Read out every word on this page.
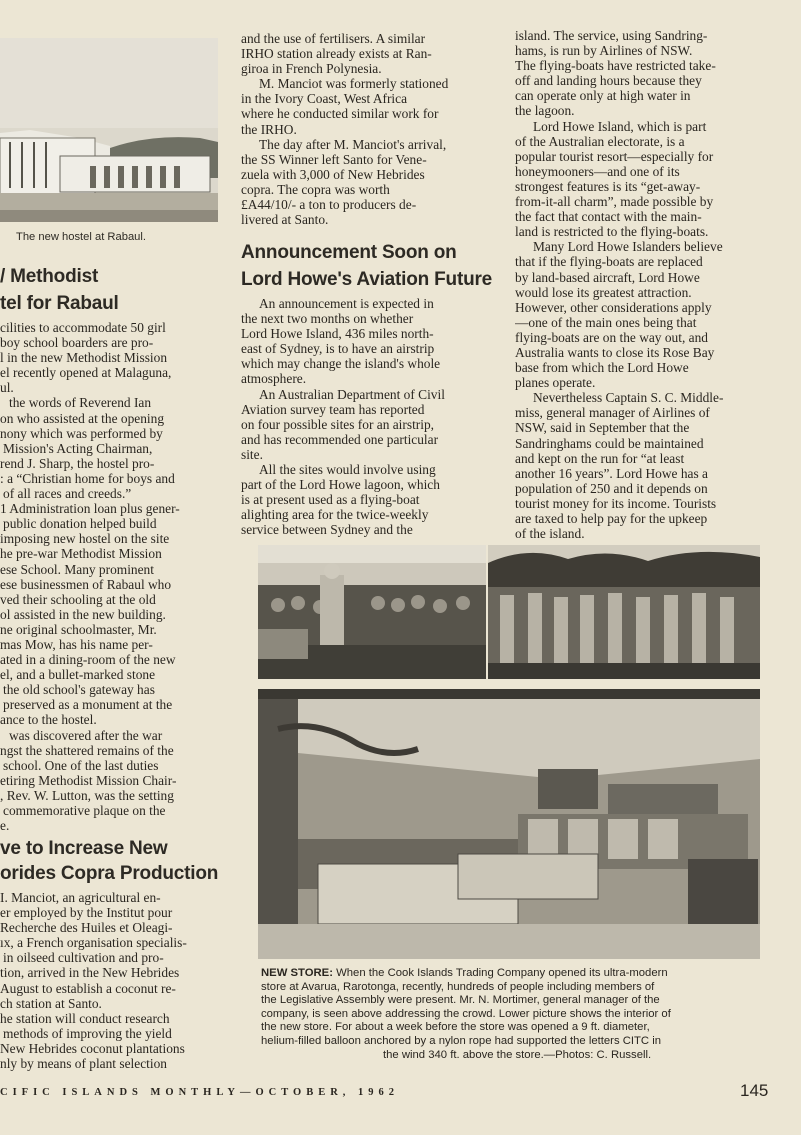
The new hostel at Rabaul.
/ Methodist
tel for Rabaul

cilities to accommodate 50 girl

boy school boarders are pro-

l in the new Methodist Mission

el recently opened at Malaguna,

ul.

the words of Reverend Ian

on who assisted at the opening

nony which was performed by

Mission's Acting Chairman,

rend J. Sharp, the hostel pro-

: a “Christian home for boys and

of all races and creeds.”

1 Administration loan plus gener-

public donation helped build

imposing new hostel on the site

he pre-war Methodist Mission

ese School. Many prominent

ese businessmen of Rabaul who

ved their schooling at the old

ol assisted in the new building.

ne original schoolmaster, Mr.

mas Mow, has his name per-

ated in a dining-room of the new

el, and a bullet-marked stone

the old school's gateway has

preserved as a monument at the

ance to the hostel.

was discovered after the war

ngst the shattered remains of the

school. One of the last duties

etiring Methodist Mission Chair-

, Rev. W. Lutton, was the setting

commemorative plaque on the

e.

ve to Increase New
orides Copra Production

I. Manciot, an agricultural en-

er employed by the Institut pour

Recherche des Huiles et Oleagi-

ıx, a French organisation specialis-

in oilseed cultivation and pro-

tion, arrived in the New Hebrides

August to establish a coconut re-

ch station at Santo.

he station will conduct research

methods of improving the yield

New Hebrides coconut plantations

nly by means of plant selection

and the use of fertilisers. A similar

IRHO station already exists at Ran-

giroa in French Polynesia.

M. Manciot was formerly stationed

in the Ivory Coast, West Africa

where he conducted similar work for

the IRHO.

The day after M. Manciot's arrival,

the SS Winner left Santo for Vene-

zuela with 3,000 of New Hebrides

copra. The copra was worth

£A44/10/- a ton to producers de-

livered at Santo.

Announcement Soon on
Lord Howe's Aviation Future

An announcement is expected in

the next two months on whether

Lord Howe Island, 436 miles north-

east of Sydney, is to have an airstrip

which may change the island's whole

atmosphere.

An Australian Department of Civil

Aviation survey team has reported

on four possible sites for an airstrip,

and has recommended one particular

site.

All the sites would involve using

part of the Lord Howe lagoon, which

is at present used as a flying-boat

alighting area for the twice-weekly

service between Sydney and the

island. The service, using Sandring-

hams, is run by Airlines of NSW.

The flying-boats have restricted take-

off and landing hours because they

can operate only at high water in

the lagoon.

Lord Howe Island, which is part

of the Australian electorate, is a

popular tourist resort—especially for

honeymooners—and one of its

strongest features is its “get-away-

from-it-all charm”, made possible by

the fact that contact with the main-

land is restricted to the flying-boats.

Many Lord Howe Islanders believe

that if the flying-boats are replaced

by land-based aircraft, Lord Howe

would lose its greatest attraction.

However, other considerations apply

—one of the main ones being that

flying-boats are on the way out, and

Australia wants to close its Rose Bay

base from which the Lord Howe

planes operate.

Nevertheless Captain S. C. Middle-

miss, general manager of Airlines of

NSW, said in September that the

Sandringhams could be maintained

and kept on the run for “at least

another 16 years”. Lord Howe has a

population of 250 and it depends on

tourist money for its income. Tourists

are taxed to help pay for the upkeep

of the island.

NEW STORE: When the Cook Islands Trading Company opened its ultra-modern

store at Avarua, Rarotonga, recently, hundreds of people including members of

the Legislative Assembly were present. Mr. N. Mortimer, general manager of the

company, is seen above addressing the crowd. Lower picture shows the interior of

the new store. For about a week before the store was opened a 9 ft. diameter,

helium-filled balloon anchored by a nylon rope had supported the letters CITC in

the wind 340 ft. above the store.—Photos: C. Russell.

CIFIC ISLANDS MONTHLY—OCTOBER, 1962	145
